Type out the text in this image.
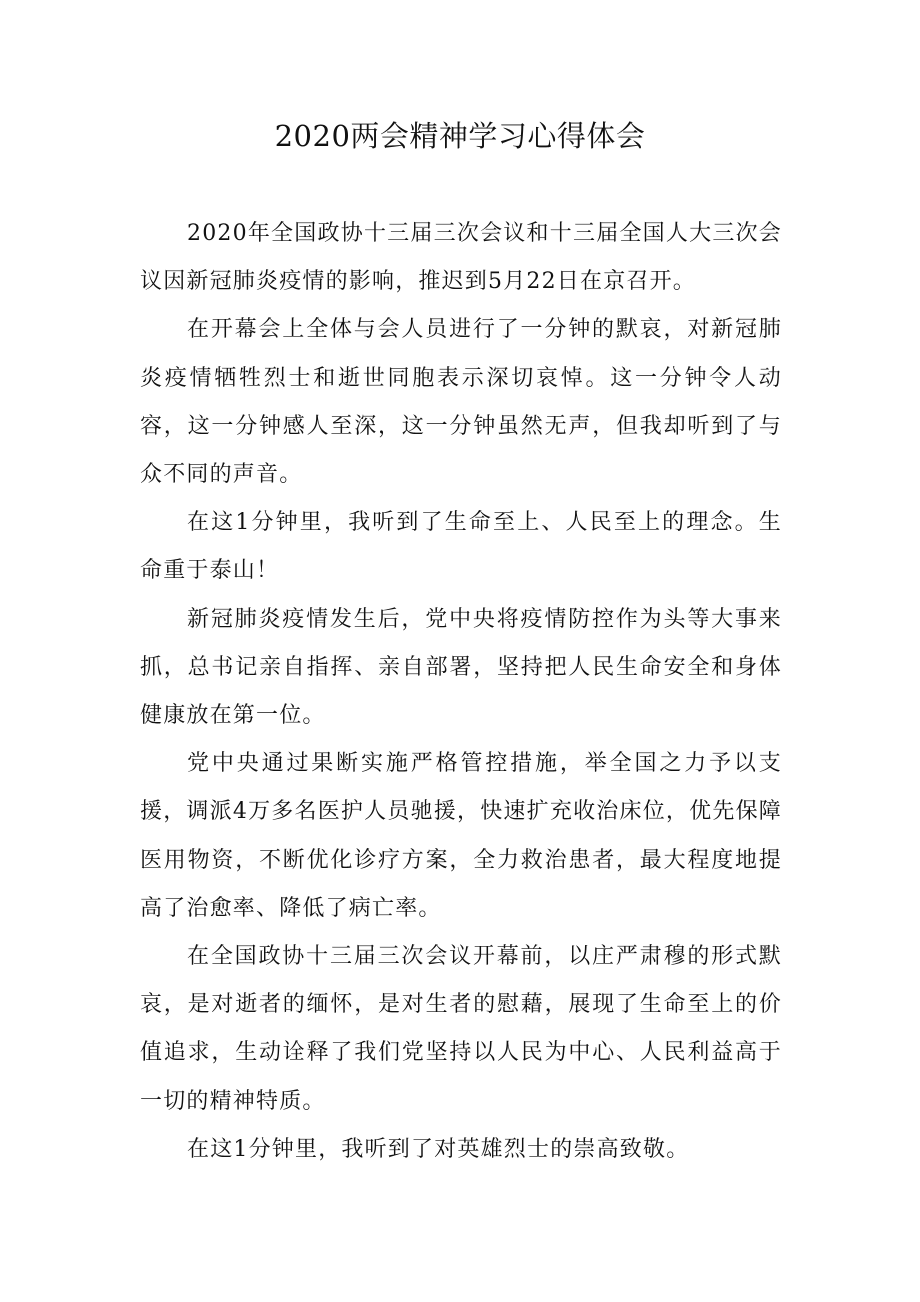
2020两会精神学习心得体会

2020年全国政协十三届三次会议和十三届全国人大三次会议因新冠肺炎疫情的影响，推迟到5月22日在京召开。

在开幕会上全体与会人员进行了一分钟的默哀，对新冠肺炎疫情牺牲烈士和逝世同胞表示深切哀悼。这一分钟令人动容，这一分钟感人至深，这一分钟虽然无声，但我却听到了与众不同的声音。

在这1分钟里，我听到了生命至上、人民至上的理念。生命重于泰山！

新冠肺炎疫情发生后，党中央将疫情防控作为头等大事来抓，总书记亲自指挥、亲自部署，坚持把人民生命安全和身体健康放在第一位。

党中央通过果断实施严格管控措施，举全国之力予以支援，调派4万多名医护人员驰援，快速扩充收治床位，优先保障医用物资，不断优化诊疗方案，全力救治患者，最大程度地提高了治愈率、降低了病亡率。

在全国政协十三届三次会议开幕前，以庄严肃穆的形式默哀，是对逝者的缅怀，是对生者的慰藉，展现了生命至上的价值追求，生动诠释了我们党坚持以人民为中心、人民利益高于一切的精神特质。

在这1分钟里，我听到了对英雄烈士的崇高致敬。
